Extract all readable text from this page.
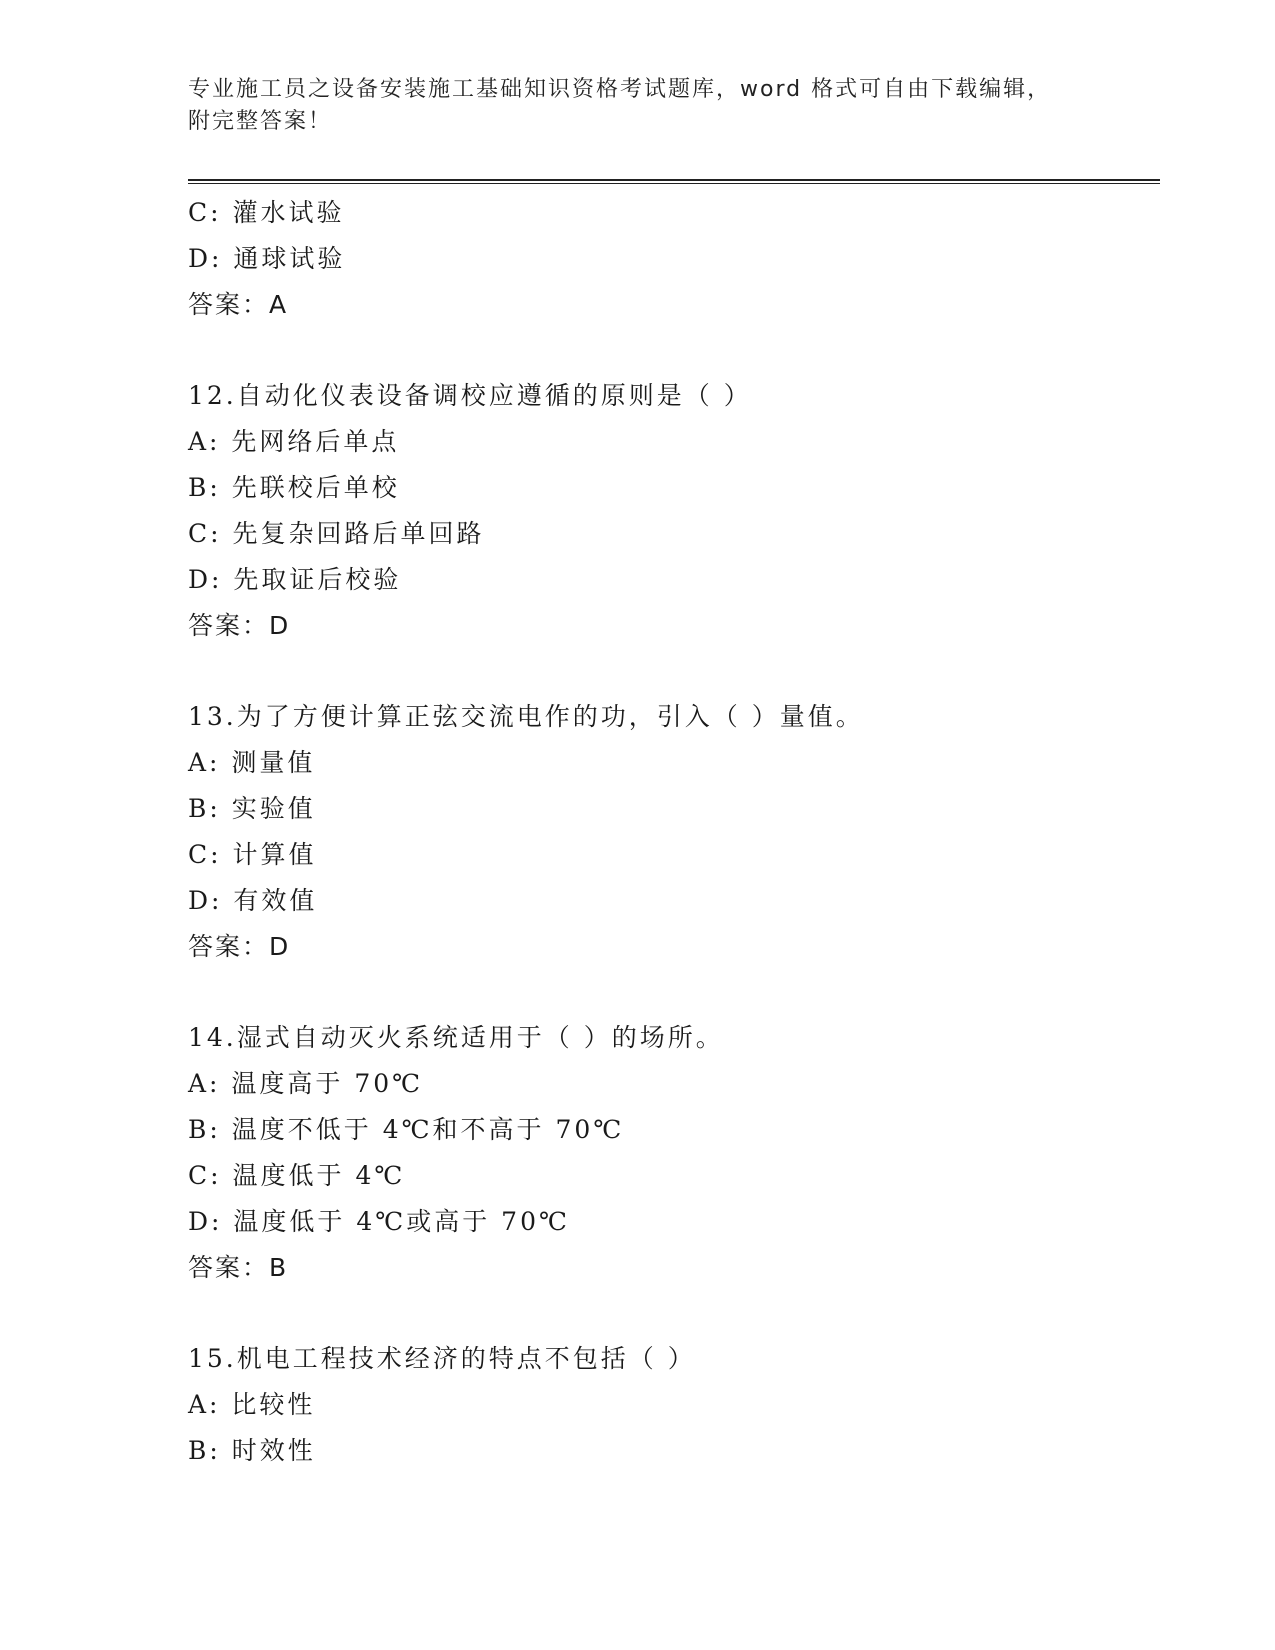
专业施工员之设备安装施工基础知识资格考试题库，word 格式可自由下载编辑，
附完整答案！
C: 灌水试验
D: 通球试验
答案：A
12.自动化仪表设备调校应遵循的原则是（ ）
A: 先网络后单点
B: 先联校后单校
C: 先复杂回路后单回路
D: 先取证后校验
答案：D
13.为了方便计算正弦交流电作的功，引入（ ）量值。
A: 测量值
B: 实验值
C: 计算值
D: 有效值
答案：D
14.湿式自动灭火系统适用于（ ）的场所。
A: 温度高于 70℃
B: 温度不低于 4℃和不高于 70℃
C: 温度低于 4℃
D: 温度低于 4℃或高于 70℃
答案：B
15.机电工程技术经济的特点不包括（ ）
A: 比较性
B: 时效性
